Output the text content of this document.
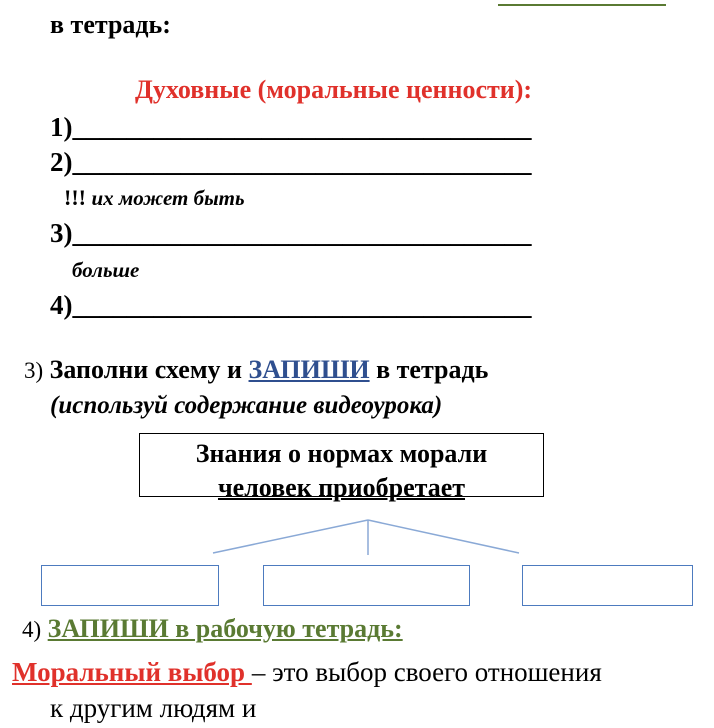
в тетрадь:
Духовные (моральные ценности):
1)__________________________________
2)__________________________________
!!! их может быть
3)__________________________________
больше
4)__________________________________
3) Заполни схему и ЗАПИШИ в тетрадь
(используй содержание видеоурока)
Знания о нормах морали
человек приобретает
4) ЗАПИШИ в рабочую тетрадь:
Моральный выбор – это выбор своего отношения
к другим людям и
